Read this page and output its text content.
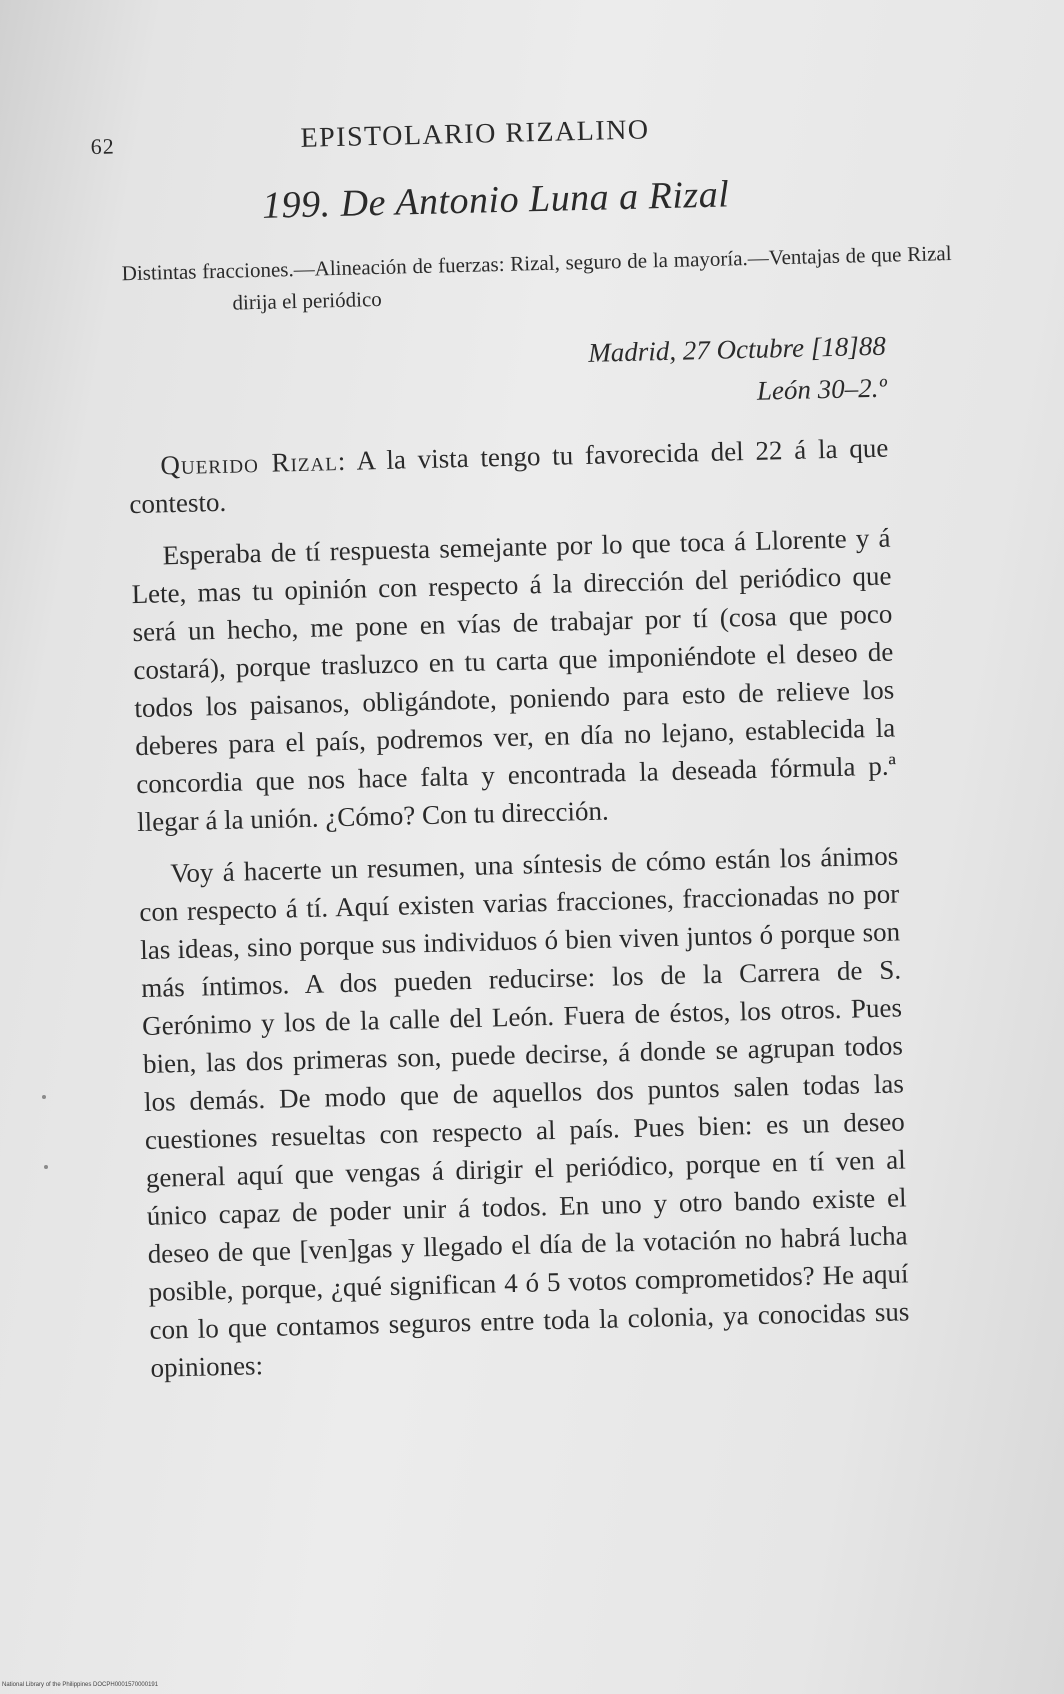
62	EPISTOLARIO RIZALINO
199. De Antonio Luna a Rizal
Distintas fracciones.—Alineación de fuerzas: Rizal, seguro de la mayoría.—Ventajas de que Rizal dirija el periódico
Madrid, 27 Octubre [18]88
León 30–2.º

Querido Rizal: A la vista tengo tu favorecida del 22 á la que contesto.

Esperaba de tí respuesta semejante por lo que toca á Llorente y á Lete, mas tu opinión con respecto á la dirección del periódico que será un hecho, me pone en vías de trabajar por tí (cosa que poco costará), porque trasluzco en tu carta que imponiéndote el deseo de todos los paisanos, obligándote, poniendo para esto de relieve los deberes para el país, podremos ver, en día no lejano, establecida la concordia que nos hace falta y encontrada la deseada fórmula p.ª llegar á la unión. ¿Cómo? Con tu dirección.

Voy á hacerte un resumen, una síntesis de cómo están los ánimos con respecto á tí. Aquí existen varias fracciones, fraccionadas no por las ideas, sino porque sus individuos ó bien viven juntos ó porque son más íntimos. A dos pueden reducirse: los de la Carrera de S. Gerónimo y los de la calle del León. Fuera de éstos, los otros. Pues bien, las dos primeras son, puede decirse, á donde se agrupan todos los demás. De modo que de aquellos dos puntos salen todas las cuestiones resueltas con respecto al país. Pues bien: es un deseo general aquí que vengas á dirigir el periódico, porque en tí ven al único capaz de poder unir á todos. En uno y otro bando existe el deseo de que [ven]gas y llegado el día de la votación no habrá lucha posible, porque, ¿qué significan 4 ó 5 votos comprometidos? He aquí con lo que contamos seguros entre toda la colonia, ya conocidas sus opiniones:

National Library of the Philippines DOCPH0001570000191
